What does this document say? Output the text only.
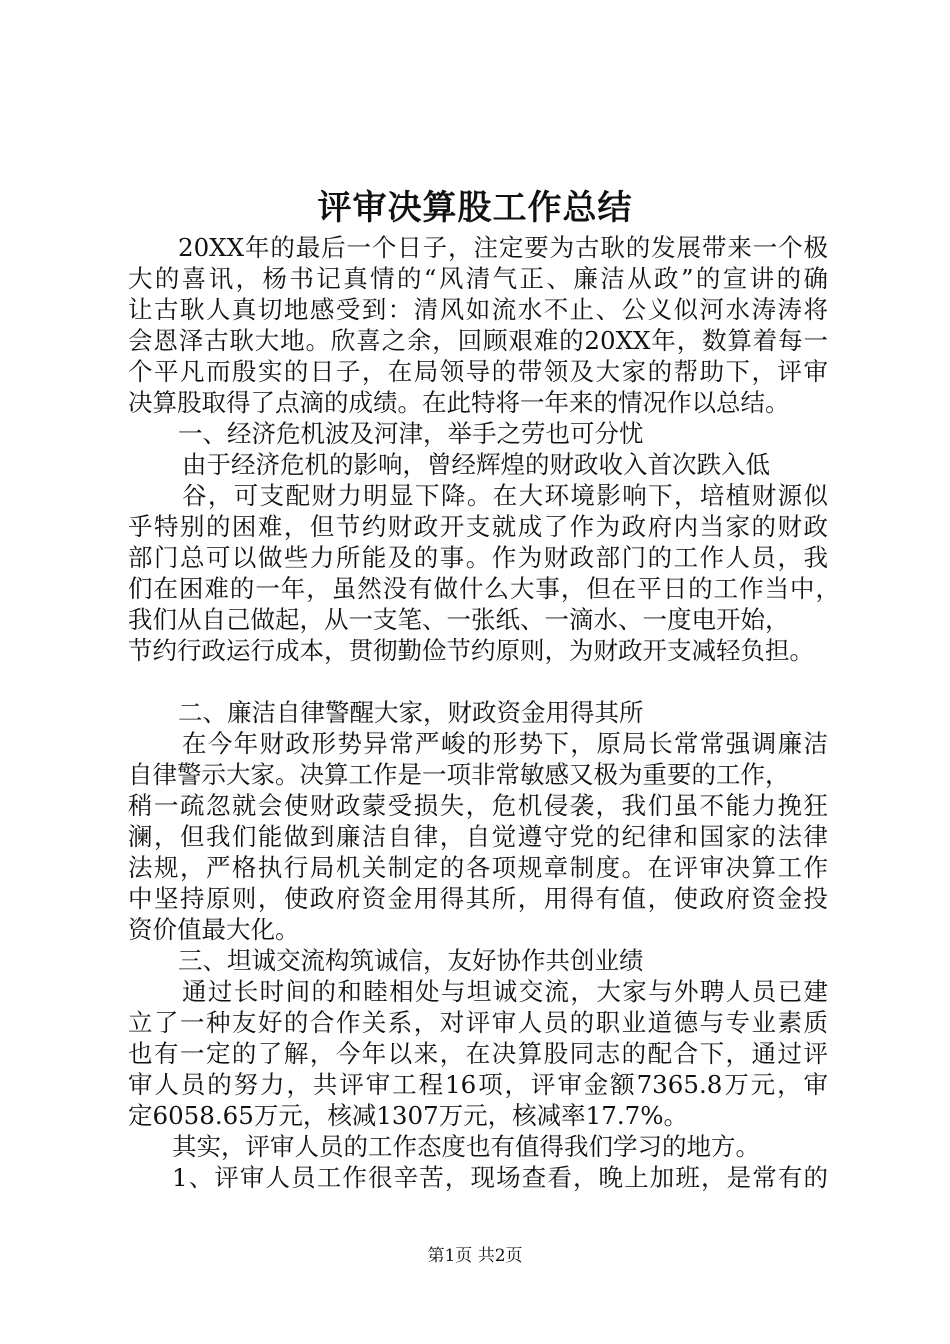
评审决算股工作总结
20XX年的最后一个日子，注定要为古耿的发展带来一个极
大的喜讯，杨书记真情的“风清气正、廉洁从政”的宣讲的确
让古耿人真切地感受到：清风如流水不止、公义似河水涛涛将
会恩泽古耿大地。欣喜之余，回顾艰难的20XX年，数算着每一
个平凡而殷实的日子，在局领导的带领及大家的帮助下，评审
决算股取得了点滴的成绩。在此特将一年来的情况作以总结。
一、经济危机波及河津，举手之劳也可分忧
由于经济危机的影响，曾经辉煌的财政收入首次跌入低
谷，可支配财力明显下降。在大环境影响下，培植财源似
乎特别的困难，但节约财政开支就成了作为政府内当家的财政
部门总可以做些力所能及的事。作为财政部门的工作人员，我
们在困难的一年，虽然没有做什么大事，但在平日的工作当中，
我们从自己做起，从一支笔、一张纸、一滴水、一度电开始，
节约行政运行成本，贯彻勤俭节约原则，为财政开支减轻负担。
二、廉洁自律警醒大家，财政资金用得其所
在今年财政形势异常严峻的形势下，原局长常常强调廉洁
自律警示大家。决算工作是一项非常敏感又极为重要的工作，
稍一疏忽就会使财政蒙受损失，危机侵袭，我们虽不能力挽狂
澜，但我们能做到廉洁自律，自觉遵守党的纪律和国家的法律
法规，严格执行局机关制定的各项规章制度。在评审决算工作
中坚持原则，使政府资金用得其所，用得有值，使政府资金投
资价值最大化。
三、坦诚交流构筑诚信，友好协作共创业绩
通过长时间的和睦相处与坦诚交流，大家与外聘人员已建
立了一种友好的合作关系，对评审人员的职业道德与专业素质
也有一定的了解，今年以来，在决算股同志的配合下，通过评
审人员的努力，共评审工程16项，评审金额7365.8万元，审
定6058.65万元，核减1307万元，核减率17.7%。
其实，评审人员的工作态度也有值得我们学习的地方。
1、评审人员工作很辛苦，现场查看，晚上加班，是常有的
第1页 共2页
